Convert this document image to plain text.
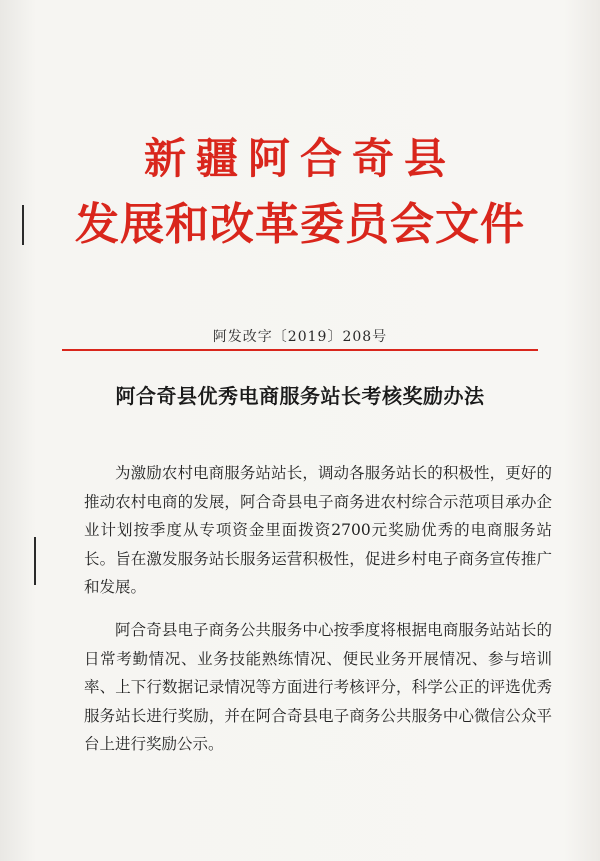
新疆阿合奇县
发展和改革委员会文件
阿发改字〔2019〕208号
阿合奇县优秀电商服务站长考核奖励办法

为激励农村电商服务站站长，调动各服务站长的积极性，更好的推动农村电商的发展，阿合奇县电子商务进农村综合示范项目承办企业计划按季度从专项资金里面拨资2700元奖励优秀的电商服务站长。旨在激发服务站长服务运营积极性，促进乡村电子商务宣传推广和发展。

阿合奇县电子商务公共服务中心按季度将根据电商服务站站长的日常考勤情况、业务技能熟练情况、便民业务开展情况、参与培训率、上下行数据记录情况等方面进行考核评分，科学公正的评选优秀服务站长进行奖励，并在阿合奇县电子商务公共服务中心微信公众平台上进行奖励公示。
